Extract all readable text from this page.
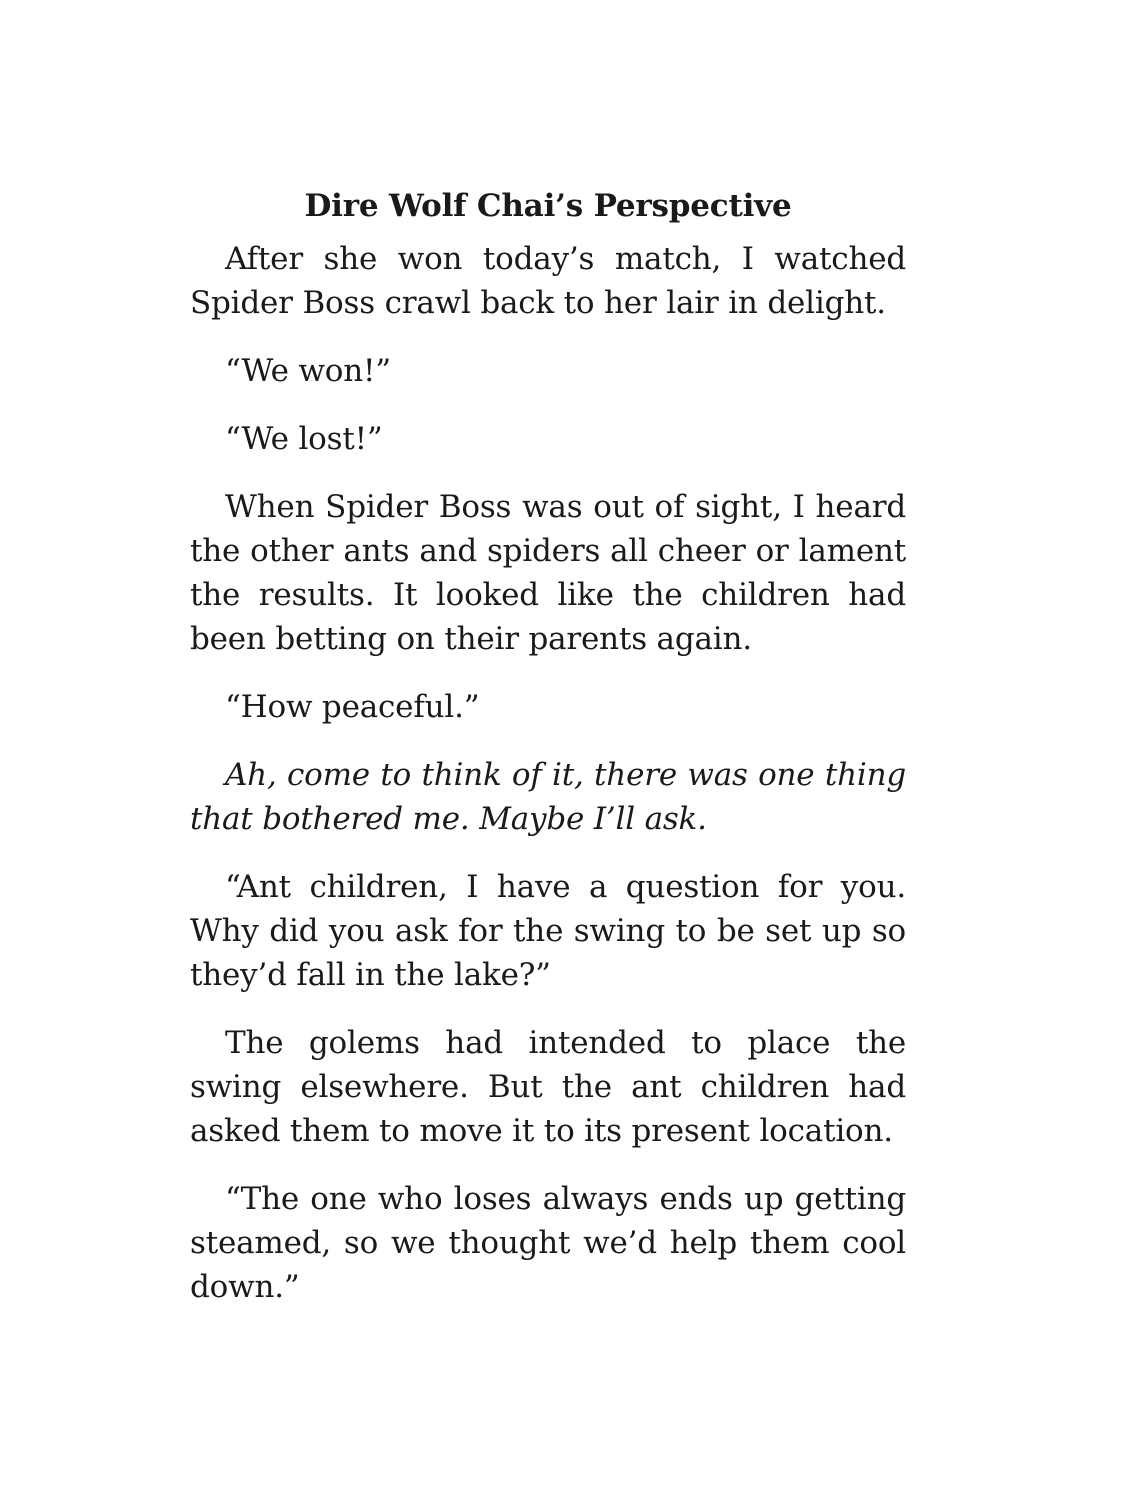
Dire Wolf Chai’s Perspective

After she won today’s match, I watched Spider Boss crawl back to her lair in delight.

“We won!”

“We lost!”

When Spider Boss was out of sight, I heard the other ants and spiders all cheer or lament the results. It looked like the children had been betting on their parents again.

“How peaceful.”

Ah, come to think of it, there was one thing that bothered me. Maybe I’ll ask.

“Ant children, I have a question for you. Why did you ask for the swing to be set up so they’d fall in the lake?”

The golems had intended to place the swing elsewhere. But the ant children had asked them to move it to its present location.

“The one who loses always ends up getting steamed, so we thought we’d help them cool down.”
